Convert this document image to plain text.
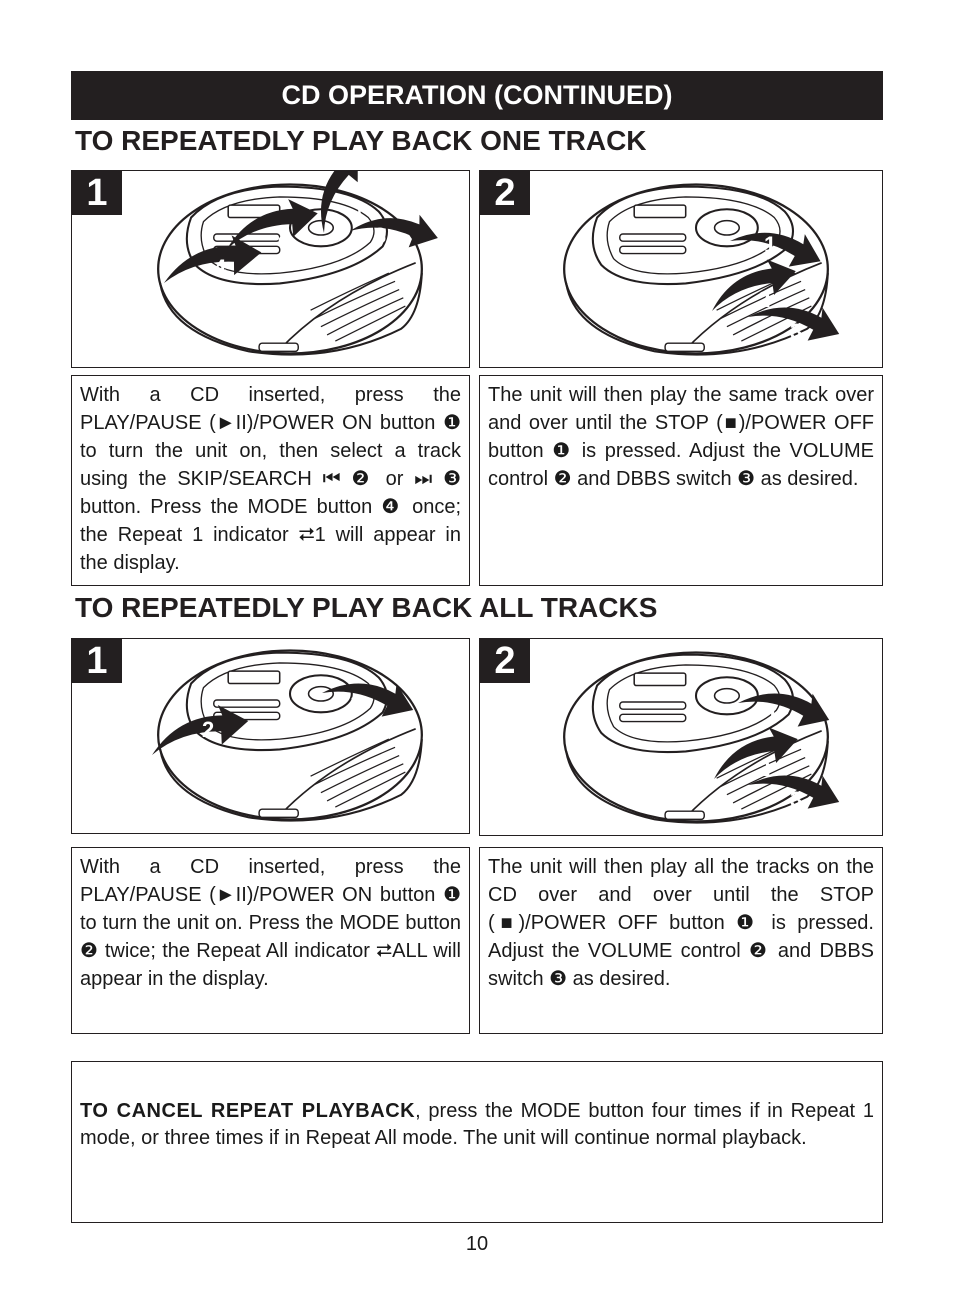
CD OPERATION (CONTINUED)
TO REPEATEDLY PLAY BACK ONE TRACK
4
2	3
1
1
1
2
3
2
With a CD inserted, press the PLAY/PAUSE (►II)/POWER ON button ❶ to turn the unit on, then select a track using the SKIP/SEARCH ⏮ ❷ or ⏭ ❸ button. Press the MODE button ❹ once; the Repeat 1 indicator ⮂1 will appear in the display.
The unit will then play the same track over and over until the STOP (■)/POWER OFF button ❶ is pressed. Adjust the VOLUME control ❷ and DBBS switch ❸ as desired.
TO REPEATEDLY PLAY BACK ALL TRACKS
2
1
1
1
2
3
2
With a CD inserted, press the PLAY/PAUSE (►II)/POWER ON button ❶ to turn the unit on. Press the MODE button ❷ twice; the Repeat All indicator ⮂ALL will appear in the display.
The unit will then play all the tracks on the CD over and over until the STOP (■)/POWER OFF button ❶ is pressed. Adjust the VOLUME control ❷ and DBBS switch ❸ as desired.
TO CANCEL REPEAT PLAYBACK, press the MODE button four times if in Repeat 1 mode, or three times if in Repeat All mode. The unit will continue normal playback.
10
